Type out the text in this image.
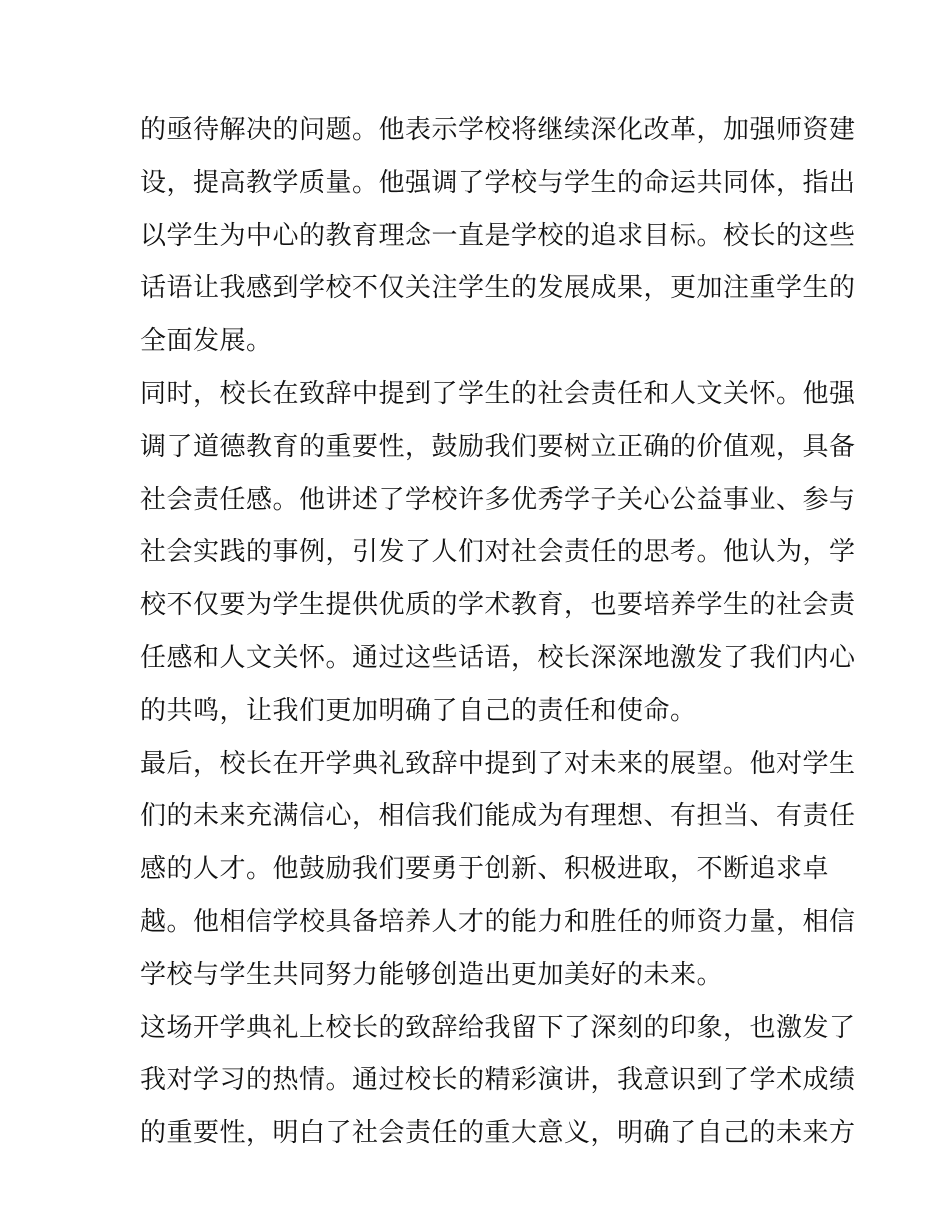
的亟待解决的问题。他表示学校将继续深化改革，加强师资建
设，提高教学质量。他强调了学校与学生的命运共同体，指出
以学生为中心的教育理念一直是学校的追求目标。校长的这些
话语让我感到学校不仅关注学生的发展成果，更加注重学生的
全面发展。
同时，校长在致辞中提到了学生的社会责任和人文关怀。他强
调了道德教育的重要性，鼓励我们要树立正确的价值观，具备
社会责任感。他讲述了学校许多优秀学子关心公益事业、参与
社会实践的事例，引发了人们对社会责任的思考。他认为，学
校不仅要为学生提供优质的学术教育，也要培养学生的社会责
任感和人文关怀。通过这些话语，校长深深地激发了我们内心
的共鸣，让我们更加明确了自己的责任和使命。
最后，校长在开学典礼致辞中提到了对未来的展望。他对学生
们的未来充满信心，相信我们能成为有理想、有担当、有责任
感的人才。他鼓励我们要勇于创新、积极进取，不断追求卓
越。他相信学校具备培养人才的能力和胜任的师资力量，相信
学校与学生共同努力能够创造出更加美好的未来。
这场开学典礼上校长的致辞给我留下了深刻的印象，也激发了
我对学习的热情。通过校长的精彩演讲，我意识到了学术成绩
的重要性，明白了社会责任的重大意义，明确了自己的未来方
